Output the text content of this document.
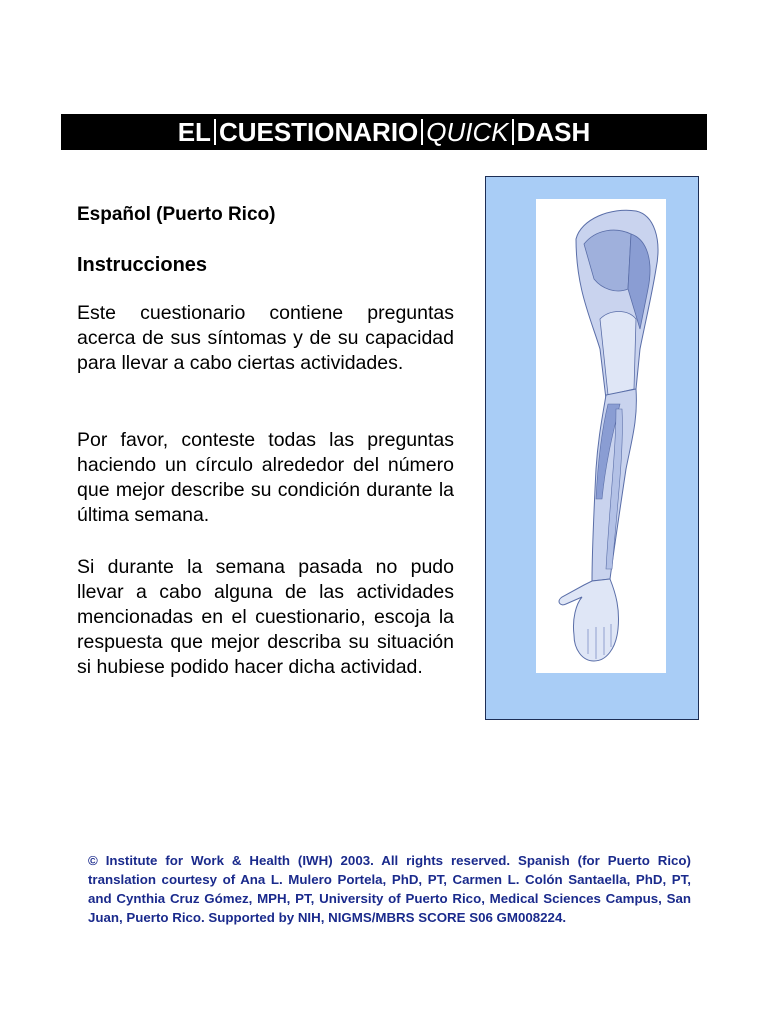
EL CUESTIONARIO QUICK DASH
Español (Puerto Rico)
Instrucciones
Este cuestionario contiene preguntas acerca de sus síntomas y de su capacidad para llevar a cabo ciertas actividades.
Por favor, conteste todas las preguntas haciendo un círculo alrededor del número que mejor describe su condición durante la última semana.
Si durante la semana pasada no pudo llevar a cabo alguna de las actividades mencionadas en el cuestionario, escoja la respuesta que mejor describa su situación si hubiese podido hacer dicha actividad.
© Institute for Work & Health (IWH) 2003. All rights reserved. Spanish (for Puerto Rico) translation courtesy of Ana L. Mulero Portela, PhD, PT, Carmen L. Colón Santaella, PhD, PT, and Cynthia Cruz Gómez, MPH, PT, University of Puerto Rico, Medical Sciences Campus, San Juan, Puerto Rico. Supported by NIH, NIGMS/MBRS SCORE S06 GM008224.
